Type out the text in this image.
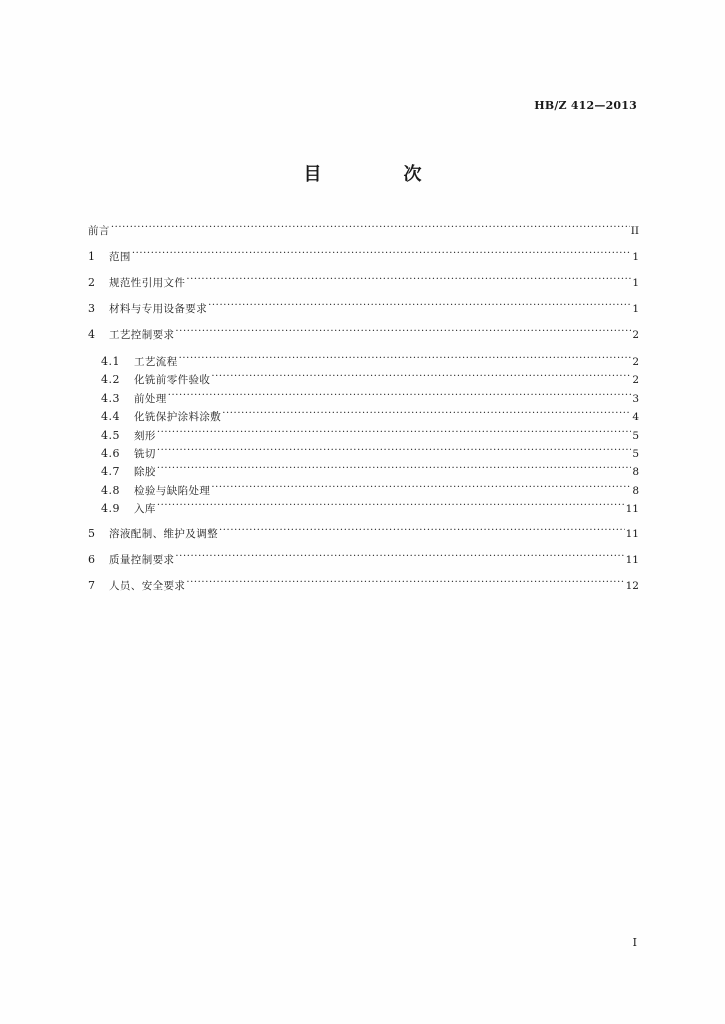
HB/Z 412—2013
目　次
前言 ·····	II
1	范围 ·····	1
2	规范性引用文件 ·····	1
3	材料与专用设备要求 ·····	1
4	工艺控制要求 ·····	2
4.1	工艺流程 ·····	2
4.2	化铣前零件验收 ·····	2
4.3	前处理 ·····	3
4.4	化铣保护涂料涂敷 ·····	4
4.5	刻形 ·····	5
4.6	铣切 ·····	5
4.7	除胶 ·····	8
4.8	检验与缺陷处理 ·····	8
4.9	入库 ·····	11
5	溶液配制、维护及调整 ·····	11
6	质量控制要求 ·····	11
7	人员、安全要求 ·····	12
I
